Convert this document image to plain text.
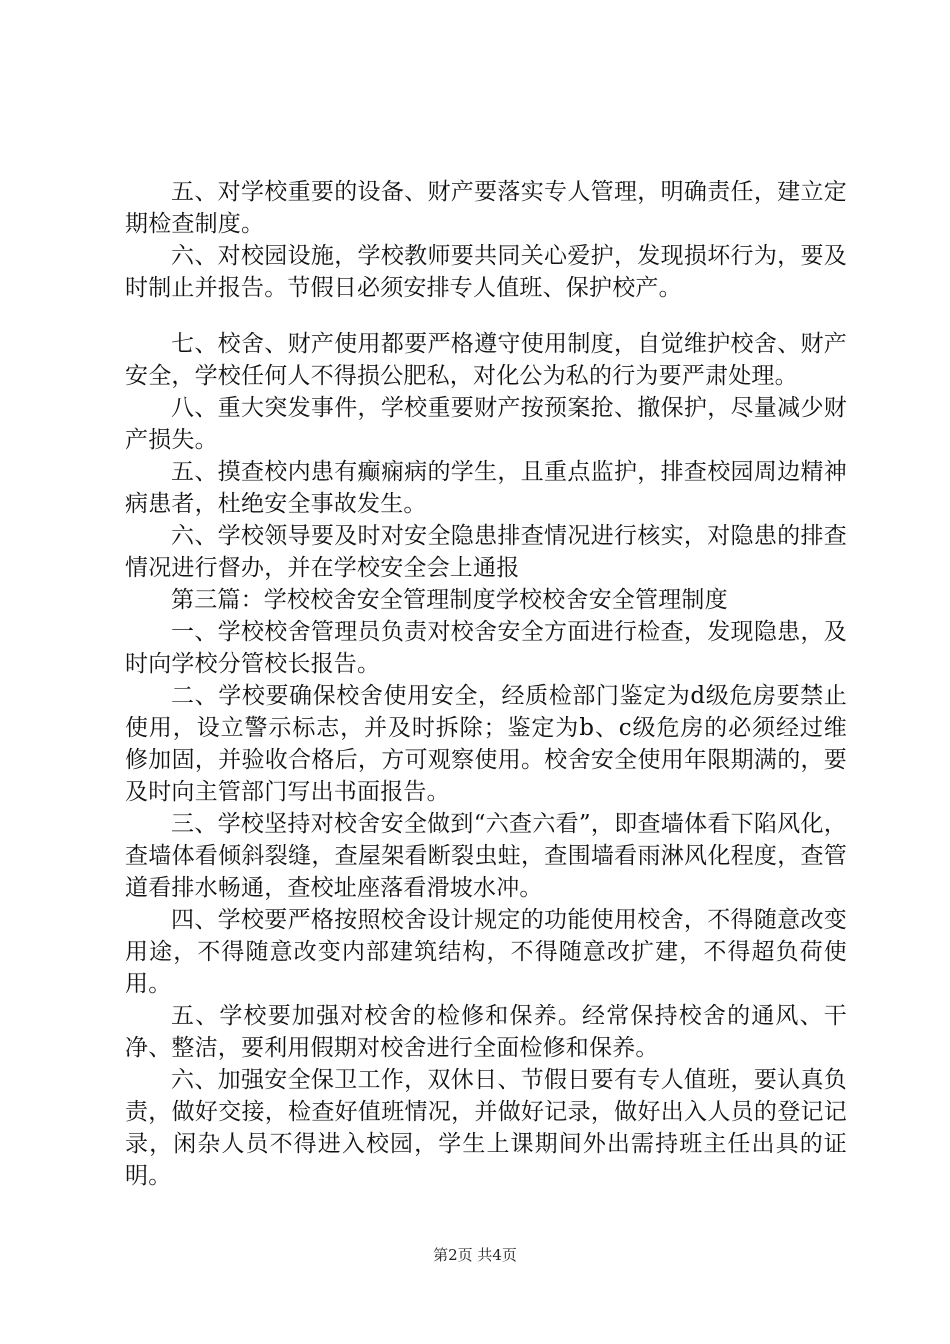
五、对学校重要的设备、财产要落实专人管理，明确责任，建立定期检查制度。

六、对校园设施，学校教师要共同关心爱护，发现损坏行为，要及时制止并报告。节假日必须安排专人值班、保护校产。

七、校舍、财产使用都要严格遵守使用制度，自觉维护校舍、财产安全，学校任何人不得损公肥私，对化公为私的行为要严肃处理。

八、重大突发事件，学校重要财产按预案抢、撤保护，尽量减少财产损失。

五、摸查校内患有癫痫病的学生，且重点监护，排查校园周边精神病患者，杜绝安全事故发生。

六、学校领导要及时对安全隐患排查情况进行核实，对隐患的排查情况进行督办，并在学校安全会上通报

第三篇：学校校舍安全管理制度学校校舍安全管理制度

一、学校校舍管理员负责对校舍安全方面进行检查，发现隐患，及时向学校分管校长报告。

二、学校要确保校舍使用安全，经质检部门鉴定为d级危房要禁止使用，设立警示标志，并及时拆除；鉴定为b、c级危房的必须经过维修加固，并验收合格后，方可观察使用。校舍安全使用年限期满的，要及时向主管部门写出书面报告。

三、学校坚持对校舍安全做到“六查六看”，即查墙体看下陷风化，查墙体看倾斜裂缝，查屋架看断裂虫蛀，查围墙看雨淋风化程度，查管道看排水畅通，查校址座落看滑坡水冲。

四、学校要严格按照校舍设计规定的功能使用校舍，不得随意改变用途，不得随意改变内部建筑结构，不得随意改扩建，不得超负荷使用。

五、学校要加强对校舍的检修和保养。经常保持校舍的通风、干净、整洁，要利用假期对校舍进行全面检修和保养。

六、加强安全保卫工作，双休日、节假日要有专人值班，要认真负责，做好交接，检查好值班情况，并做好记录，做好出入人员的登记记录，闲杂人员不得进入校园，学生上课期间外出需持班主任出具的证明。

第2页 共4页
